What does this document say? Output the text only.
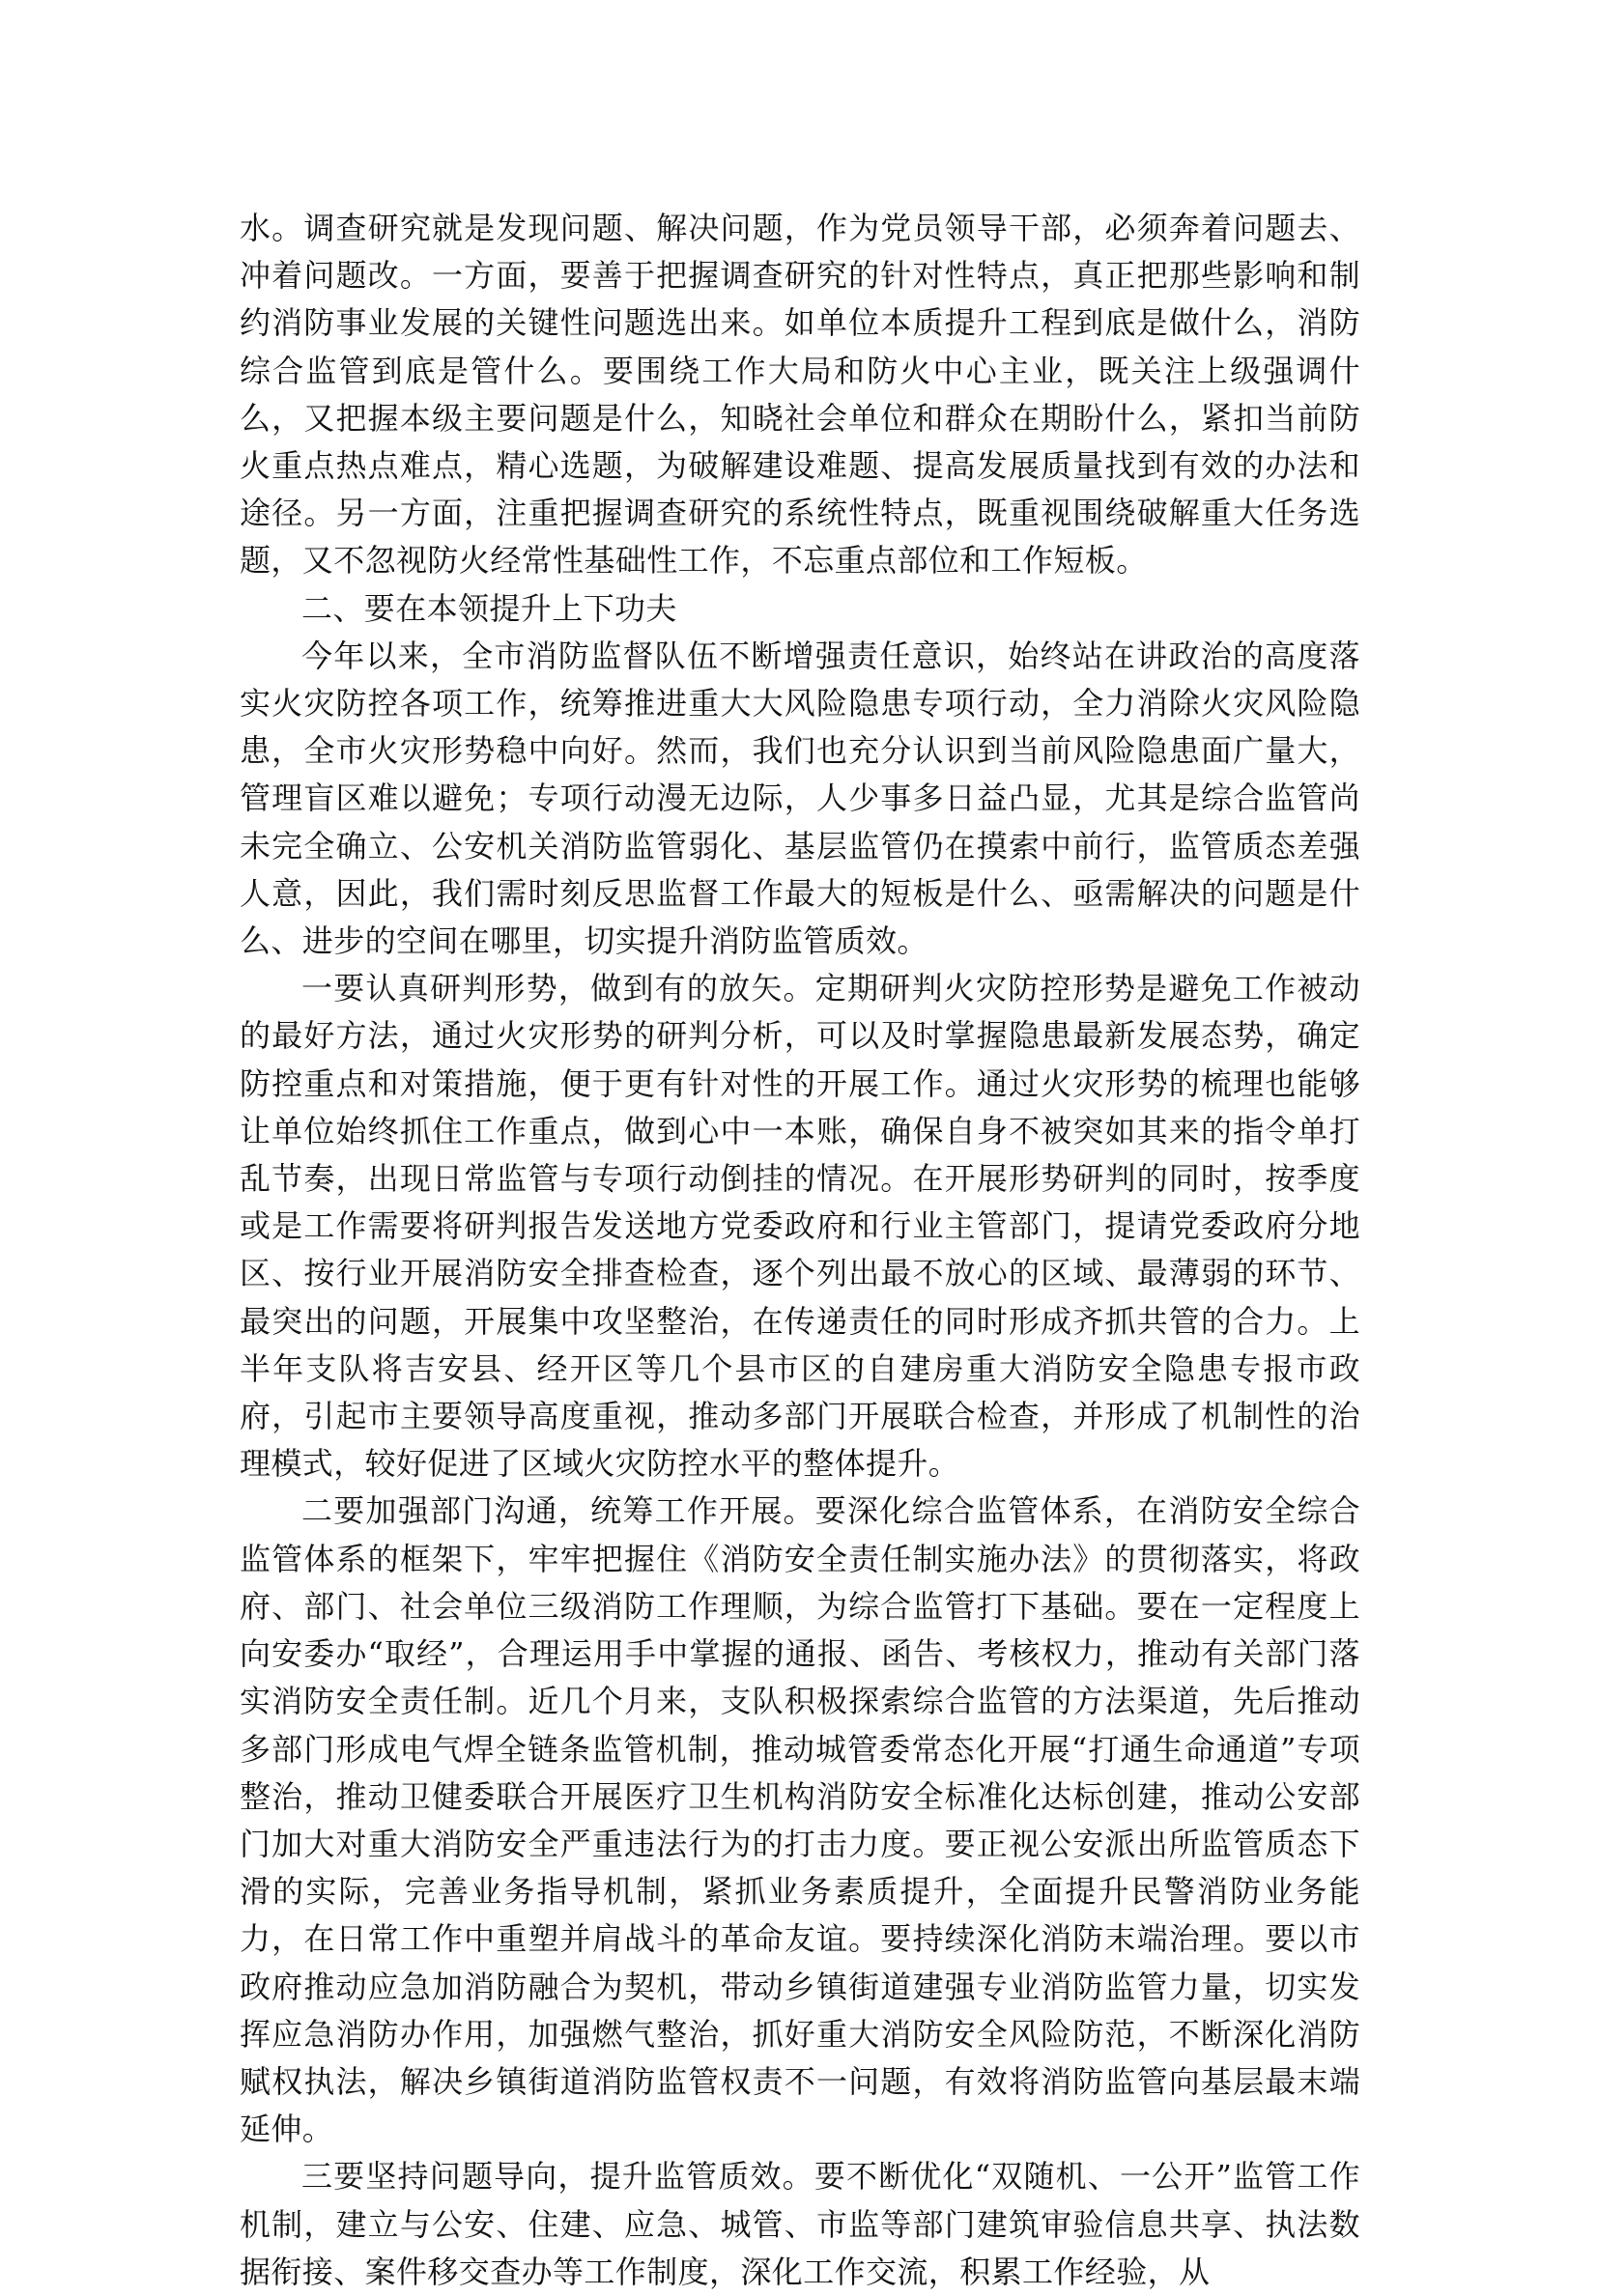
水。调查研究就是发现问题、解决问题，作为党员领导干部，必须奔着问题去、冲着问题改。一方面，要善于把握调查研究的针对性特点，真正把那些影响和制约消防事业发展的关键性问题选出来。如单位本质提升工程到底是做什么，消防综合监管到底是管什么。要围绕工作大局和防火中心主业，既关注上级强调什么，又把握本级主要问题是什么，知晓社会单位和群众在期盼什么，紧扣当前防火重点热点难点，精心选题，为破解建设难题、提高发展质量找到有效的办法和途径。另一方面，注重把握调查研究的系统性特点，既重视围绕破解重大任务选题，又不忽视防火经常性基础性工作，不忘重点部位和工作短板。

二、要在本领提升上下功夫

今年以来，全市消防监督队伍不断增强责任意识，始终站在讲政治的高度落实火灾防控各项工作，统筹推进重大大风险隐患专项行动，全力消除火灾风险隐患，全市火灾形势稳中向好。然而，我们也充分认识到当前风险隐患面广量大，管理盲区难以避免；专项行动漫无边际，人少事多日益凸显，尤其是综合监管尚未完全确立、公安机关消防监管弱化、基层监管仍在摸索中前行，监管质态差强人意，因此，我们需时刻反思监督工作最大的短板是什么、亟需解决的问题是什么、进步的空间在哪里，切实提升消防监管质效。

一要认真研判形势，做到有的放矢。定期研判火灾防控形势是避免工作被动的最好方法，通过火灾形势的研判分析，可以及时掌握隐患最新发展态势，确定防控重点和对策措施，便于更有针对性的开展工作。通过火灾形势的梳理也能够让单位始终抓住工作重点，做到心中一本账，确保自身不被突如其来的指令单打乱节奏，出现日常监管与专项行动倒挂的情况。在开展形势研判的同时，按季度或是工作需要将研判报告发送地方党委政府和行业主管部门，提请党委政府分地区、按行业开展消防安全排查检查，逐个列出最不放心的区域、最薄弱的环节、最突出的问题，开展集中攻坚整治，在传递责任的同时形成齐抓共管的合力。上半年支队将吉安县、经开区等几个县市区的自建房重大消防安全隐患专报市政府，引起市主要领导高度重视，推动多部门开展联合检查，并形成了机制性的治理模式，较好促进了区域火灾防控水平的整体提升。

二要加强部门沟通，统筹工作开展。要深化综合监管体系，在消防安全综合监管体系的框架下，牢牢把握住《消防安全责任制实施办法》的贯彻落实，将政府、部门、社会单位三级消防工作理顺，为综合监管打下基础。要在一定程度上向安委办“取经”，合理运用手中掌握的通报、函告、考核权力，推动有关部门落实消防安全责任制。近几个月来，支队积极探索综合监管的方法渠道，先后推动多部门形成电气焊全链条监管机制，推动城管委常态化开展“打通生命通道”专项整治，推动卫健委联合开展医疗卫生机构消防安全标准化达标创建，推动公安部门加大对重大消防安全严重违法行为的打击力度。要正视公安派出所监管质态下滑的实际，完善业务指导机制，紧抓业务素质提升，全面提升民警消防业务能力，在日常工作中重塑并肩战斗的革命友谊。要持续深化消防末端治理。要以市政府推动应急加消防融合为契机，带动乡镇街道建强专业消防监管力量，切实发挥应急消防办作用，加强燃气整治，抓好重大消防安全风险防范，不断深化消防赋权执法，解决乡镇街道消防监管权责不一问题，有效将消防监管向基层最末端延伸。

三要坚持问题导向，提升监管质效。要不断优化“双随机、一公开”监管工作机制，建立与公安、住建、应急、城管、市监等部门建筑审验信息共享、执法数据衔接、案件移交查办等工作制度，深化工作交流，积累工作经验，从
